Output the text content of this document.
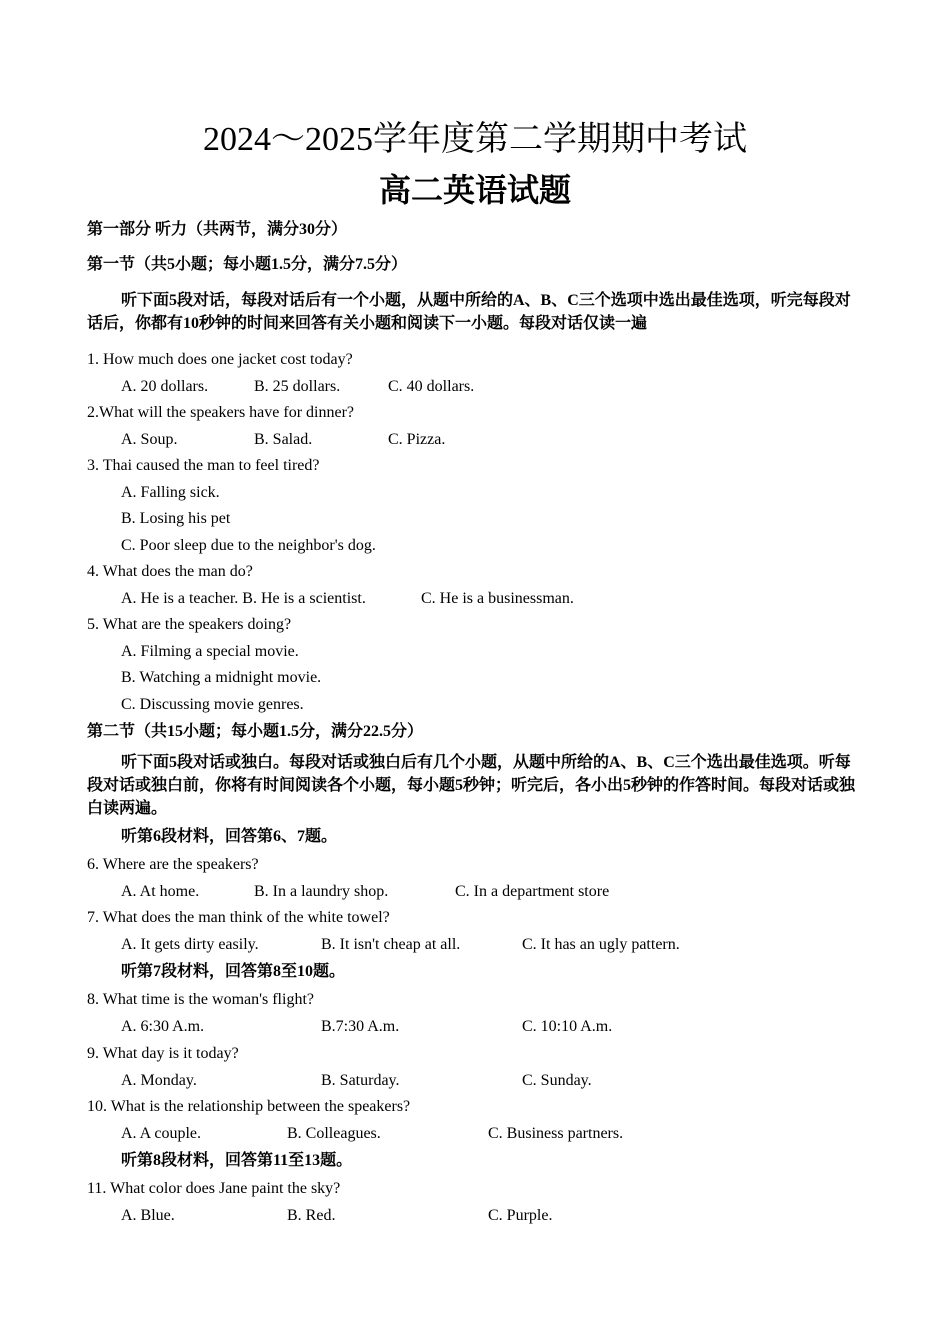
2024～2025学年度第二学期期中考试
高二英语试题
第一部分 听力（共两节，满分30分）
第一节（共5小题；每小题1.5分，满分7.5分）
听下面5段对话，每段对话后有一个小题，从题中所给的A、B、C三个选项中选出最佳选项，听完每段对话后，你都有10秒钟的时间来回答有关小题和阅读下一小题。每段对话仅读一遍
1. How much does one jacket cost today?
A. 20 dollars.	B. 25 dollars.	C. 40 dollars.
2.What will the speakers have for dinner?
A. Soup.	B. Salad.	C. Pizza.
3. Thai caused the man to feel tired?
A. Falling sick.
B. Losing his pet
C. Poor sleep due to the neighbor's dog.
4. What does the man do?
A. He is a teacher. B. He is a scientist.	C. He is a businessman.
5. What are the speakers doing?
A. Filming a special movie.
B. Watching a midnight movie.
C. Discussing movie genres.
第二节（共15小题；每小题1.5分，满分22.5分）
听下面5段对话或独白。每段对话或独白后有几个小题，从题中所给的A、B、C三个选出最佳选项。听每段对话或独白前，你将有时间阅读各个小题，每小题5秒钟；听完后，各小出5秒钟的作答时间。每段对话或独白读两遍。
听第6段材料，回答第6、7题。
6. Where are the speakers?
A. At home.	B. In a laundry shop.	C. In a department store
7. What does the man think of the white towel?
A. It gets dirty easily.	B. It isn't cheap at all.	C. It has an ugly pattern.
听第7段材料，回答第8至10题。
8. What time is the woman's flight?
A. 6:30 A.m.	B.7:30 A.m.	C. 10:10 A.m.
9. What day is it today?
A. Monday.	B. Saturday.	C. Sunday.
10. What is the relationship between the speakers?
A. A couple.	B. Colleagues.	C. Business partners.
听第8段材料，回答第11至13题。
11. What color does Jane paint the sky?
A. Blue.	B. Red.	C. Purple.
